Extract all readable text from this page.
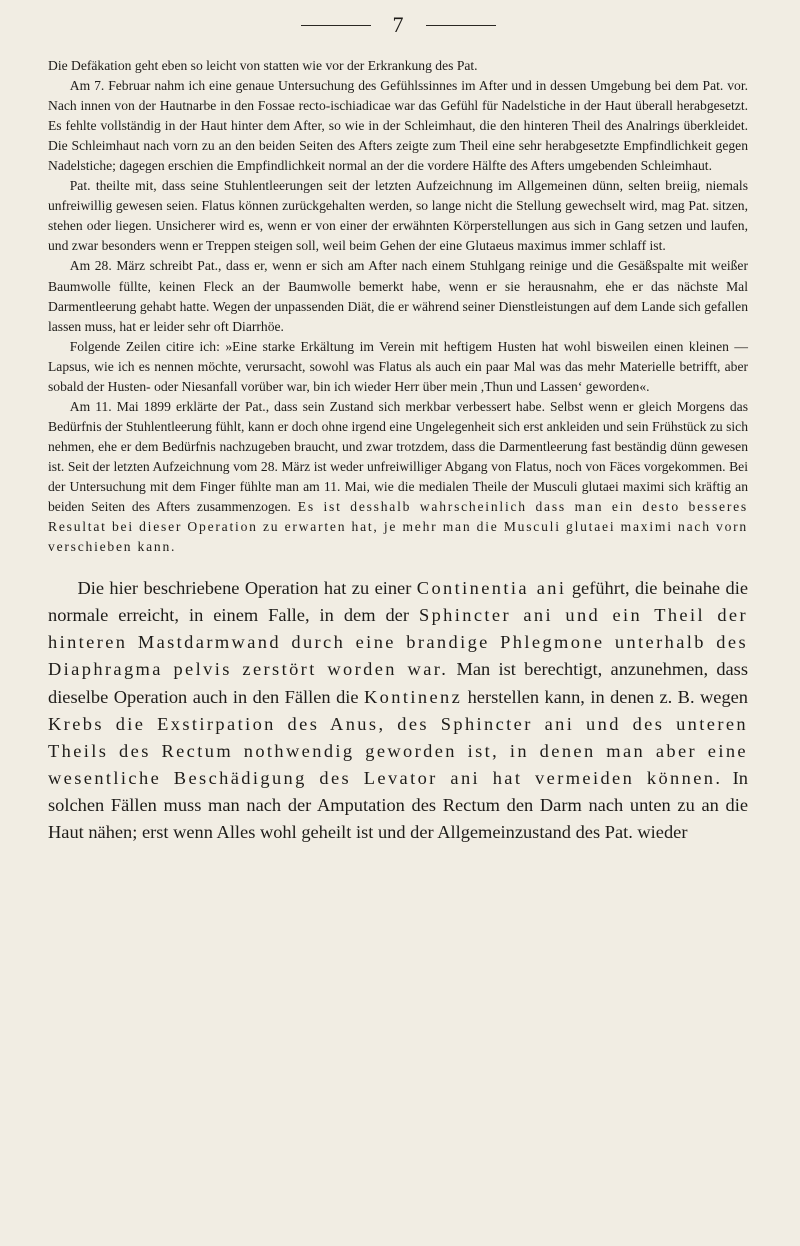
7

Die Defäkation geht eben so leicht von statten wie vor der Erkrankung des Pat.

Am 7. Februar nahm ich eine genaue Untersuchung des Gefühlssinnes im After und in dessen Umgebung bei dem Pat. vor. Nach innen von der Hautnarbe in den Fossae recto-ischiadicae war das Gefühl für Nadelstiche in der Haut überall herabgesetzt. Es fehlte vollständig in der Haut hinter dem After, so wie in der Schleimhaut, die den hinteren Theil des Analrings überkleidet. Die Schleimhaut nach vorn zu an den beiden Seiten des Afters zeigte zum Theil eine sehr herabgesetzte Empfindlichkeit gegen Nadelstiche; dagegen erschien die Empfindlichkeit normal an der die vordere Hälfte des Afters umgebenden Schleimhaut.

Pat. theilte mit, dass seine Stuhlentleerungen seit der letzten Aufzeichnung im Allgemeinen dünn, selten breiig, niemals unfreiwillig gewesen seien. Flatus können zurückgehalten werden, so lange nicht die Stellung gewechselt wird, mag Pat. sitzen, stehen oder liegen. Unsicherer wird es, wenn er von einer der erwähnten Körperstellungen aus sich in Gang setzen und laufen, und zwar besonders wenn er Treppen steigen soll, weil beim Gehen der eine Glutaeus maximus immer schlaff ist.

Am 28. März schreibt Pat., dass er, wenn er sich am After nach einem Stuhlgang reinige und die Gesäßspalte mit weißer Baumwolle füllte, keinen Fleck an der Baumwolle bemerkt habe, wenn er sie herausnahm, ehe er das nächste Mal Darmentleerung gehabt hatte. Wegen der unpassenden Diät, die er während seiner Dienstleistungen auf dem Lande sich gefallen lassen muss, hat er leider sehr oft Diarrhöe.

Folgende Zeilen citire ich: »Eine starke Erkältung im Verein mit heftigem Husten hat wohl bisweilen einen kleinen — Lapsus, wie ich es nennen möchte, verursacht, sowohl was Flatus als auch ein paar Mal was das mehr Materielle betrifft, aber sobald der Husten- oder Niesanfall vorüber war, bin ich wieder Herr über mein ,Thun und Lassen‘ geworden«.

Am 11. Mai 1899 erklärte der Pat., dass sein Zustand sich merkbar verbessert habe. Selbst wenn er gleich Morgens das Bedürfnis der Stuhlentleerung fühlt, kann er doch ohne irgend eine Ungelegenheit sich erst ankleiden und sein Frühstück zu sich nehmen, ehe er dem Bedürfnis nachzugeben braucht, und zwar trotzdem, dass die Darmentleerung fast beständig dünn gewesen ist. Seit der letzten Aufzeichnung vom 28. März ist weder unfreiwilliger Abgang von Flatus, noch von Fäces vorgekommen. Bei der Untersuchung mit dem Finger fühlte man am 11. Mai, wie die medialen Theile der Musculi glutaei maximi sich kräftig an beiden Seiten des Afters zusammenzogen. Es ist desshalb wahrscheinlich dass man ein desto besseres Resultat bei dieser Operation zu erwarten hat, je mehr man die Musculi glutaei maximi nach vorn verschieben kann.

Die hier beschriebene Operation hat zu einer Continentia ani geführt, die beinahe die normale erreicht, in einem Falle, in dem der Sphincter ani und ein Theil der hinteren Mastdarmwand durch eine brandige Phlegmone unterhalb des Diaphragma pelvis zerstört worden war. Man ist berechtigt, anzunehmen, dass dieselbe Operation auch in den Fällen die Kontinenz herstellen kann, in denen z. B. wegen Krebs die Exstirpation des Anus, des Sphincter ani und des unteren Theils des Rectum nothwendig geworden ist, in denen man aber eine wesentliche Beschädigung des Levator ani hat vermeiden können. In solchen Fällen muss man nach der Amputation des Rectum den Darm nach unten zu an die Haut nähen; erst wenn Alles wohl geheilt ist und der Allgemeinzustand des Pat. wieder
